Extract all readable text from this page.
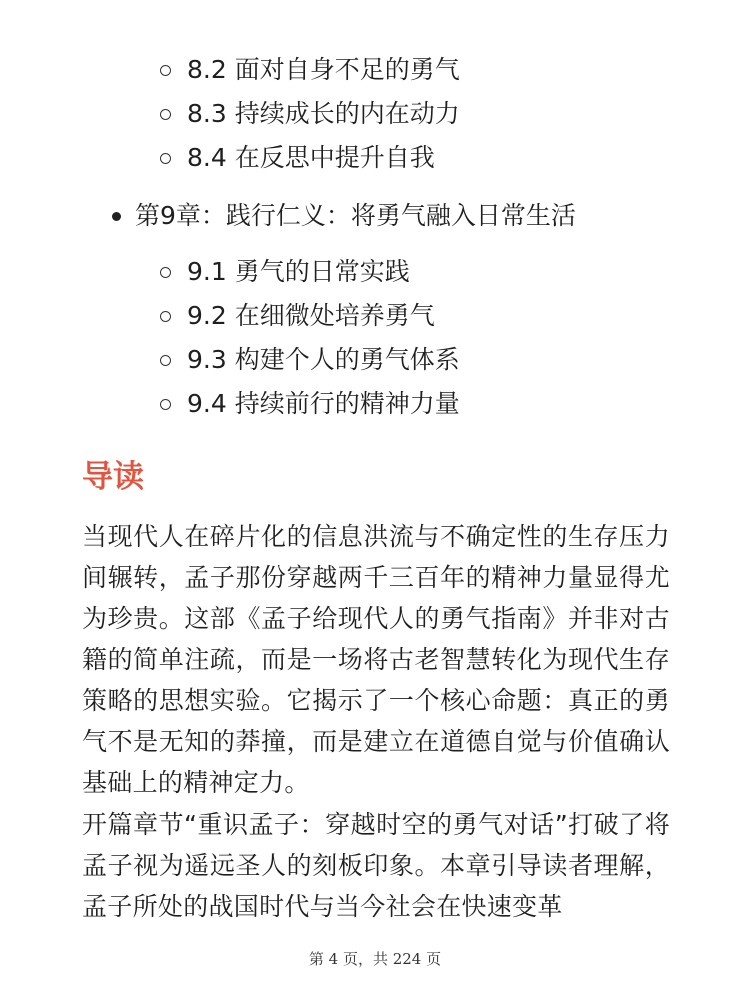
8.2 面对自身不足的勇气
8.3 持续成长的内在动力
8.4 在反思中提升自我
第9章：践行仁义：将勇气融入日常生活
9.1 勇气的日常实践
9.2 在细微处培养勇气
9.3 构建个人的勇气体系
9.4 持续前行的精神力量
导读
当现代人在碎片化的信息洪流与不确定性的生存压力间辗转，孟子那份穿越两千三百年的精神力量显得尤为珍贵。这部《孟子给现代人的勇气指南》并非对古籍的简单注疏，而是一场将古老智慧转化为现代生存策略的思想实验。它揭示了一个核心命题：真正的勇气不是无知的莽撞，而是建立在道德自觉与价值确认基础上的精神定力。
开篇章节“重识孟子：穿越时空的勇气对话”打破了将孟子视为遥远圣人的刻板印象。本章引导读者理解，孟子所处的战国时代与当今社会在快速变革
第 4 页，共 224 页
